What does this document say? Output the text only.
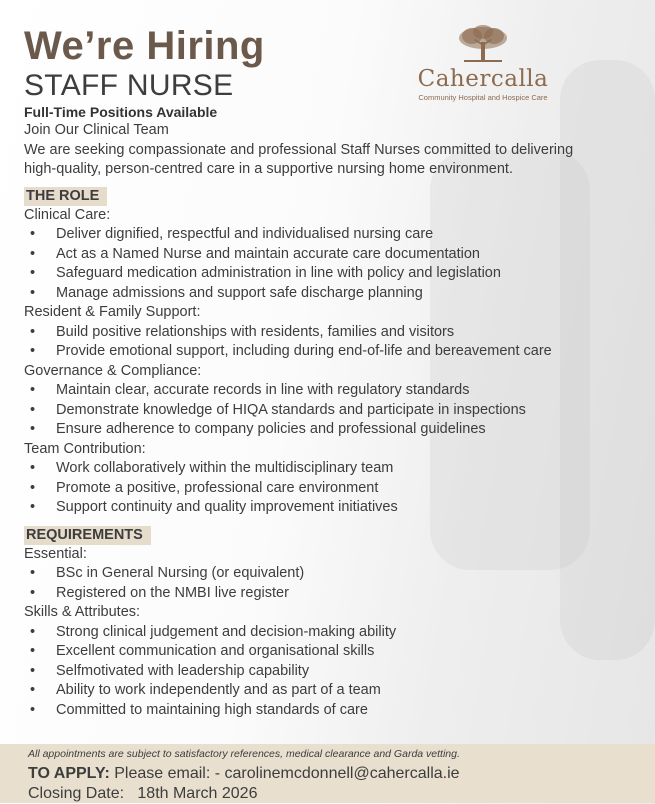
Cahercalla
Community Hospital and Hospice Care
We’re Hiring
STAFF NURSE
Full-Time Positions Available
Join Our Clinical Team
We are seeking compassionate and professional Staff Nurses committed to delivering
high-quality, person-centred care in a supportive nursing home environment.
THE ROLE
Clinical Care:
• Deliver dignified, respectful and individualised nursing care
• Act as a Named Nurse and maintain accurate care documentation
• Safeguard medication administration in line with policy and legislation
• Manage admissions and support safe discharge planning
Resident & Family Support:
• Build positive relationships with residents, families and visitors
• Provide emotional support, including during end-of-life and bereavement care
Governance & Compliance:
• Maintain clear, accurate records in line with regulatory standards
• Demonstrate knowledge of HIQA standards and participate in inspections
• Ensure adherence to company policies and professional guidelines
Team Contribution:
• Work collaboratively within the multidisciplinary team
• Promote a positive, professional care environment
• Support continuity and quality improvement initiatives
REQUIREMENTS
Essential:
• BSc in General Nursing (or equivalent)
• Registered on the NMBI live register
Skills & Attributes:
• Strong clinical judgement and decision-making ability
• Excellent communication and organisational skills
• Selfmotivated with leadership capability
• Ability to work independently and as part of a team
• Committed to maintaining high standards of care
All appointments are subject to satisfactory references, medical clearance and Garda vetting.
TO APPLY: Please email: - carolinemcdonnell@cahercalla.ie
Closing Date: 18th March 2026
